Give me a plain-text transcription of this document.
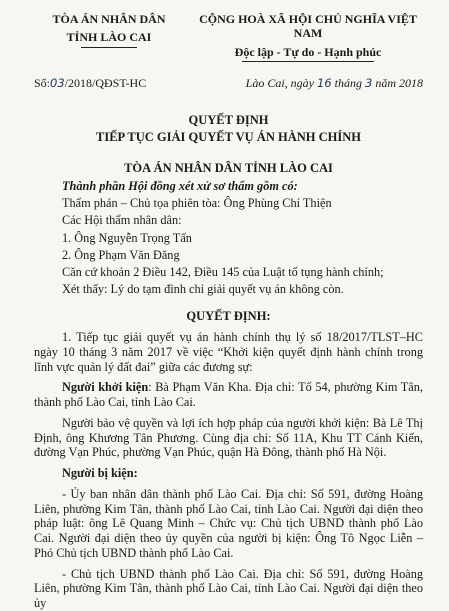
TÒA ÁN NHÂN DÂN
TỈNH LÀO CAI
CỘNG HOÀ XÃ HỘI CHỦ NGHĨA VIỆT NAM
Độc lập - Tự do - Hạnh phúc
Số:03/2018/QĐST-HC	Lào Cai, ngày 16 tháng 3 năm 2018
QUYẾT ĐỊNH
TIẾP TỤC GIẢI QUYẾT VỤ ÁN HÀNH CHÍNH
TÒA ÁN NHÂN DÂN TỈNH LÀO CAI
Thành phần Hội đồng xét xử sơ thẩm gồm có:
Thẩm phán – Chủ tọa phiên tòa: Ông Phùng Chí Thiện
Các Hội thẩm nhân dân:
1. Ông Nguyễn Trọng Tấn
2. Ông Phạm Văn Đăng
Căn cứ khoản 2 Điều 142, Điều 145 của Luật tố tụng hành chính;
Xét thấy: Lý do tạm đình chỉ giải quyết vụ án không còn.
QUYẾT ĐỊNH:
1. Tiếp tục giải quyết vụ án hành chính thụ lý số 18/2017/TLST–HC ngày 10 tháng 3 năm 2017 về việc “Khởi kiện quyết định hành chính trong lĩnh vực quản lý đất đai” giữa các đương sự:
Người khởi kiện: Bà Phạm Văn Kha. Địa chỉ: Tổ 54, phường Kim Tân, thành phố Lào Cai, tỉnh Lào Cai.
Người bảo vệ quyền và lợi ích hợp pháp của người khởi kiện: Bà Lê Thị Định, ông Khương Tân Phương. Cùng địa chỉ: Số 11A, Khu TT Cánh Kiến, đường Vạn Phúc, phường Vạn Phúc, quận Hà Đông, thành phố Hà Nội.
Người bị kiện:
- Ủy ban nhân dân thành phố Lào Cai. Địa chỉ: Số 591, đường Hoàng Liên, phường Kim Tân, thành phố Lào Cai, tỉnh Lào Cai. Người đại diện theo pháp luật: ông Lê Quang Minh – Chức vụ: Chủ tịch UBND thành phố Lào Cai. Người đại diện theo ủy quyền của người bị kiện: Ông Tô Ngọc Liễn – Phó Chủ tịch UBND thành phố Lào Cai.
- Chủ tịch UBND thành phố Lào Cai. Địa chỉ: Số 591, đường Hoàng Liên, phường Kim Tân, thành phố Lào Cai, tỉnh Lào Cai. Người đại diện theo ủy
